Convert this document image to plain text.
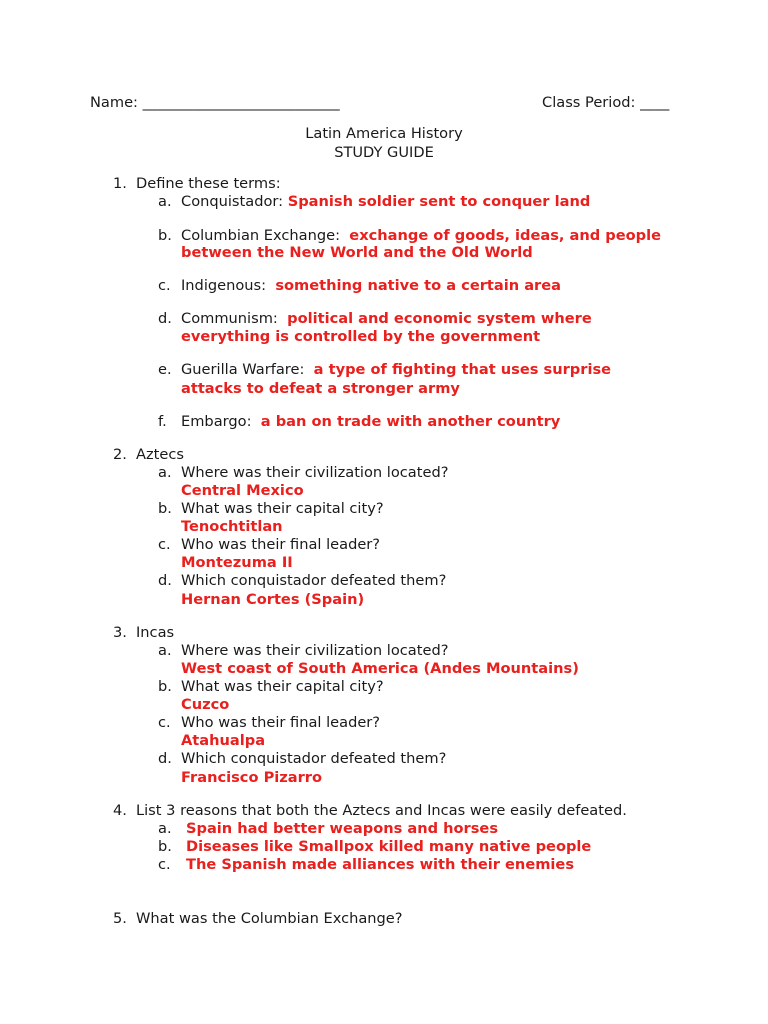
Name: ___________________________	Class Period: ____
Latin America History
STUDY GUIDE
1. Define these terms:
a. Conquistador: Spanish soldier sent to conquer land
b. Columbian Exchange: exchange of goods, ideas, and people
between the New World and the Old World
c. Indigenous: something native to a certain area
d. Communism: political and economic system where
everything is controlled by the government
e. Guerilla Warfare: a type of fighting that uses surprise
attacks to defeat a stronger army
f. Embargo: a ban on trade with another country
2. Aztecs
a. Where was their civilization located?
Central Mexico
b. What was their capital city?
Tenochtitlan
c. Who was their final leader?
Montezuma II
d. Which conquistador defeated them?
Hernan Cortes (Spain)
3. Incas
a. Where was their civilization located?
West coast of South America (Andes Mountains)
b. What was their capital city?
Cuzco
c. Who was their final leader?
Atahualpa
d. Which conquistador defeated them?
Francisco Pizarro
4. List 3 reasons that both the Aztecs and Incas were easily defeated.
a. Spain had better weapons and horses
b. Diseases like Smallpox killed many native people
c. The Spanish made alliances with their enemies
5. What was the Columbian Exchange?
